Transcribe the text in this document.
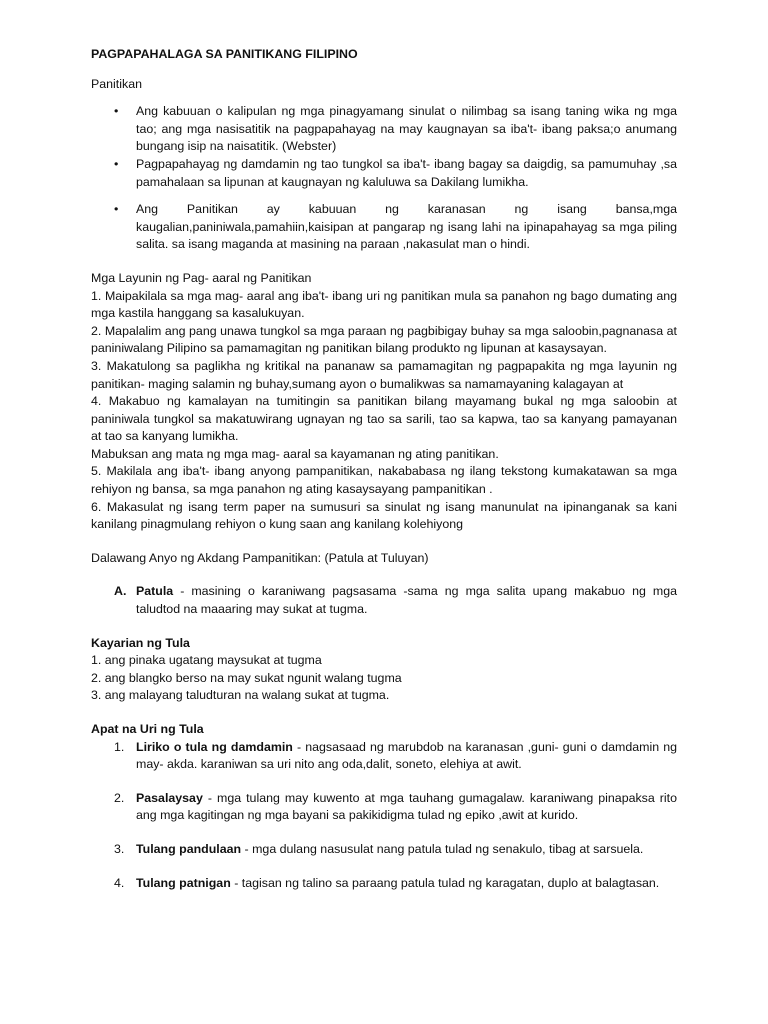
PAGPAPAHALAGA SA PANITIKANG FILIPINO

Panitikan

• Ang kabuuan o kalipulan ng mga pinagyamang sinulat o nilimbag sa isang taning wika ng mga tao; ang mga nasisatitik na pagpapahayag na may kaugnayan sa iba't- ibang paksa;o anumang bungang isip na naisatitik. (Webster)
• Pagpapahayag ng damdamin ng tao tungkol sa iba't- ibang bagay sa daigdig, sa pamumuhay ,sa pamahalaan sa lipunan at kaugnayan ng kaluluwa sa Dakilang lumikha.
• Ang Panitikan ay kabuuan ng karanasan ng isang bansa,mga kaugalian,paniniwala,pamahiin,kaisipan at pangarap ng isang lahi na ipinapahayag sa mga piling salita. sa isang maganda at masining na paraan ,nakasulat man o hindi.

Mga Layunin ng Pag- aaral ng Panitikan

1. Maipakilala sa mga mag- aaral ang iba't- ibang uri ng panitikan mula sa panahon ng bago dumating ang mga kastila hanggang sa kasalukuyan.

2. Mapalalim ang pang unawa tungkol sa mga paraan ng pagbibigay buhay sa mga saloobin,pagnanasa at paniniwalang Pilipino sa pamamagitan ng panitikan bilang produkto ng lipunan at kasaysayan.

3. Makatulong sa paglikha ng kritikal na pananaw sa pamamagitan ng pagpapakita ng mga layunin ng panitikan- maging salamin ng buhay,sumang ayon o bumalikwas sa namamayaning kalagayan at

4. Makabuo ng kamalayan na tumitingin sa panitikan bilang mayamang bukal ng mga saloobin at paniniwala tungkol sa makatuwirang ugnayan ng tao sa sarili, tao sa kapwa, tao sa kanyang pamayanan at tao sa kanyang lumikha.

Mabuksan ang mata ng mga mag- aaral sa kayamanan ng ating panitikan.

5. Makilala ang iba't- ibang anyong pampanitikan, nakababasa ng ilang tekstong kumakatawan sa mga rehiyon ng bansa, sa mga panahon ng ating kasaysayang pampanitikan .

6. Makasulat ng isang term paper na sumusuri sa sinulat ng isang manunulat na ipinanganak sa kani kanilang pinagmulang rehiyon o kung saan ang kanilang kolehiyong

Dalawang Anyo ng Akdang Pampanitikan: (Patula at Tuluyan)

A. Patula - masining o karaniwang pagsasama -sama ng mga salita upang makabuo ng mga taludtod na maaaring may sukat at tugma.

Kayarian ng Tula

1. ang pinaka ugatang maysukat at tugma

2. ang blangko berso na may sukat ngunit walang tugma

3. ang malayang taludturan na walang sukat at tugma.

Apat na Uri ng Tula

1. Liriko o tula ng damdamin - nagsasaad ng marubdob na karanasan ,guni- guni o damdamin ng may- akda. karaniwan sa uri nito ang oda,dalit, soneto, elehiya at awit.
2. Pasalaysay - mga tulang may kuwento at mga tauhang gumagalaw. karaniwang pinapaksa rito ang mga kagitingan ng mga bayani sa pakikidigma tulad ng epiko ,awit at kurido.
3. Tulang pandulaan - mga dulang nasusulat nang patula tulad ng senakulo, tibag at sarsuela.
4. Tulang patnigan - tagisan ng talino sa paraang patula tulad ng karagatan, duplo at balagtasan.
